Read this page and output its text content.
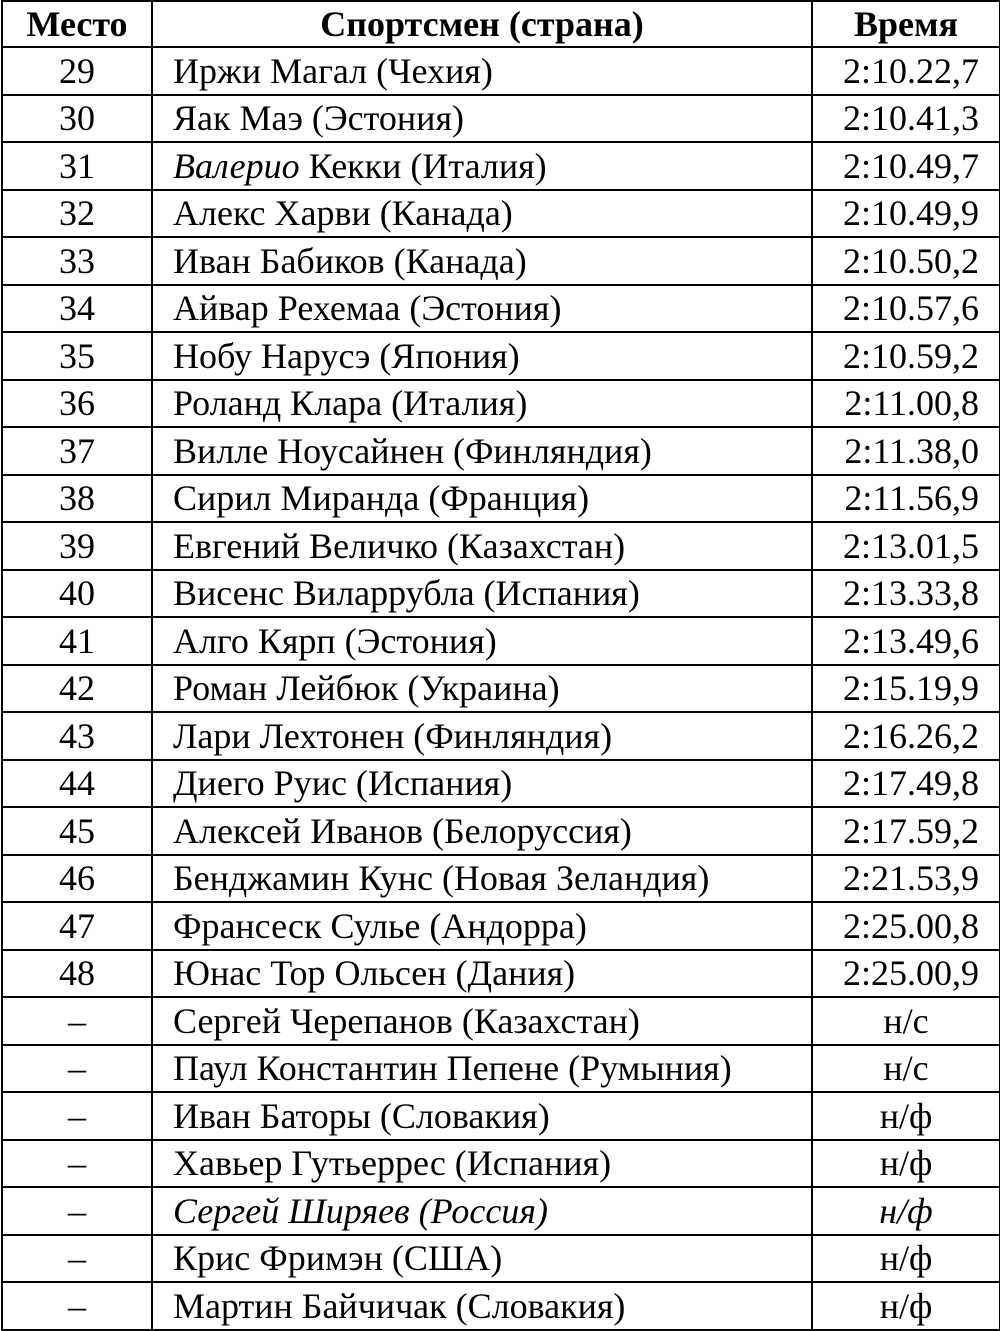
Место	Спортсмен (страна)	Время
29	Иржи Магал (Чехия)	2:10.22,7
30	Яак Маэ (Эстония)	2:10.41,3
31	Валерио Кекки (Италия)	2:10.49,7
32	Алекс Харви (Канада)	2:10.49,9
33	Иван Бабиков (Канада)	2:10.50,2
34	Айвар Рехемаа (Эстония)	2:10.57,6
35	Нобу Нарусэ (Япония)	2:10.59,2
36	Роланд Клара (Италия)	2:11.00,8
37	Вилле Ноусайнен (Финляндия)	2:11.38,0
38	Сирил Миранда (Франция)	2:11.56,9
39	Евгений Величко (Казахстан)	2:13.01,5
40	Висенс Виларрубла (Испания)	2:13.33,8
41	Алго Кярп (Эстония)	2:13.49,6
42	Роман Лейбюк (Украина)	2:15.19,9
43	Лари Лехтонен (Финляндия)	2:16.26,2
44	Диего Руис (Испания)	2:17.49,8
45	Алексей Иванов (Белоруссия)	2:17.59,2
46	Бенджамин Кунс (Новая Зеландия)	2:21.53,9
47	Франсеск Сулье (Андорра)	2:25.00,8
48	Юнас Тор Ольсен (Дания)	2:25.00,9
–	Сергей Черепанов (Казахстан)	н/с
–	Паул Константин Пепене (Румыния)	н/с
–	Иван Баторы (Словакия)	н/ф
–	Хавьер Гутьеррес (Испания)	н/ф
–	Сергей Ширяев (Россия)	н/ф
–	Крис Фримэн (США)	н/ф
–	Мартин Байчичак (Словакия)	н/ф
